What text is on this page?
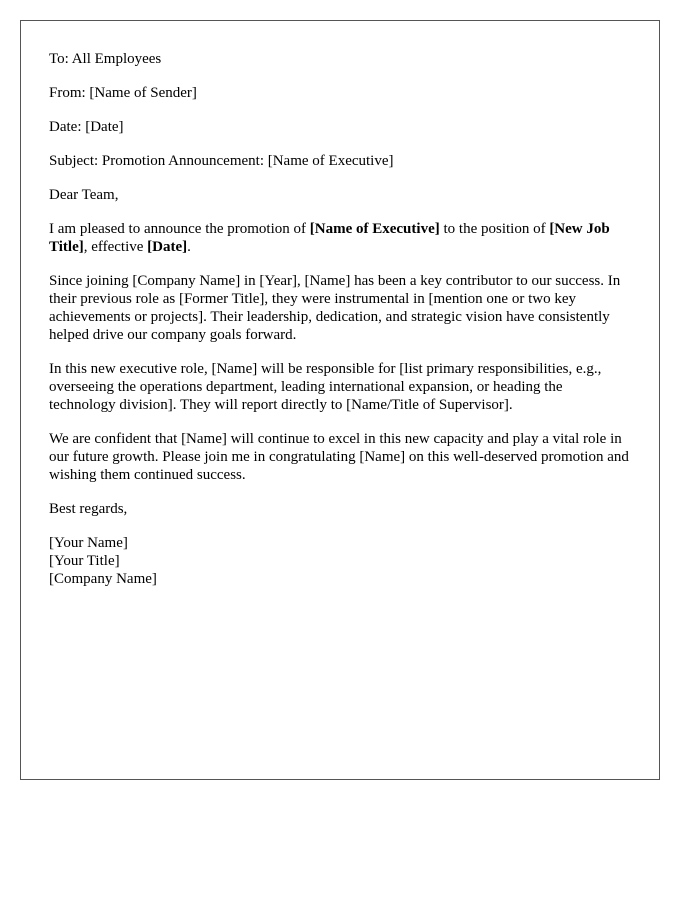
To: All Employees

From: [Name of Sender]

Date: [Date]

Subject: Promotion Announcement: [Name of Executive]

Dear Team,

I am pleased to announce the promotion of [Name of Executive] to the position of [New Job Title], effective [Date].

Since joining [Company Name] in [Year], [Name] has been a key contributor to our success. In their previous role as [Former Title], they were instrumental in [mention one or two key achievements or projects]. Their leadership, dedication, and strategic vision have consistently helped drive our company goals forward.

In this new executive role, [Name] will be responsible for [list primary responsibilities, e.g., overseeing the operations department, leading international expansion, or heading the technology division]. They will report directly to [Name/Title of Supervisor].

We are confident that [Name] will continue to excel in this new capacity and play a vital role in our future growth. Please join me in congratulating [Name] on this well-deserved promotion and wishing them continued success.

Best regards,

[Your Name]

[Your Title]

[Company Name]
